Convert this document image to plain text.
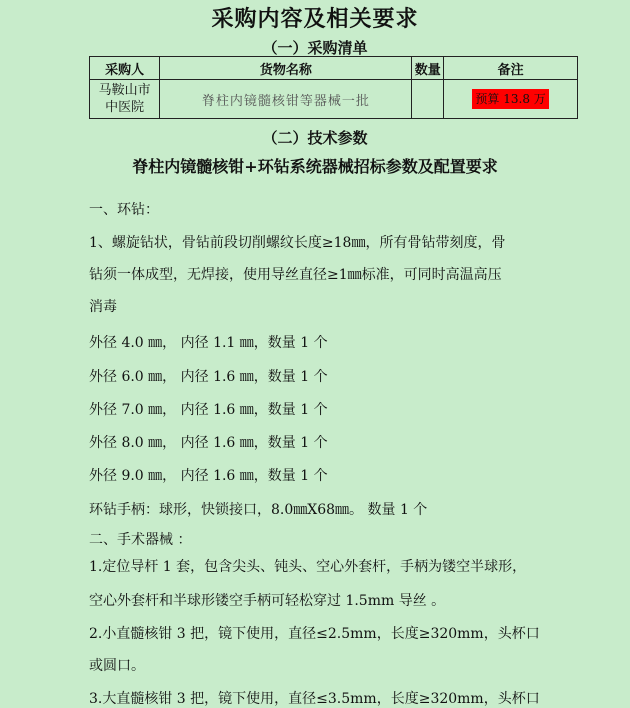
采购内容及相关要求
（一）采购清单
采购人	货物名称	数量	备注

马鞍山市
中医院	脊柱内镜髓核钳等器械一批		预算 13.8 万
（二）技术参数
脊柱内镜髓核钳+环钻系统器械招标参数及配置要求
一、环钻：
1、螺旋钻状，骨钻前段切削螺纹长度≥18㎜，所有骨钻带刻度，骨
钻须一体成型，无焊接，使用导丝直径≥1㎜标准，可同时高温高压
消毒
外径 4.0 ㎜， 内径 1.1 ㎜，数量 1 个
外径 6.0 ㎜， 内径 1.6 ㎜，数量 1 个
外径 7.0 ㎜， 内径 1.6 ㎜，数量 1 个
外径 8.0 ㎜， 内径 1.6 ㎜，数量 1 个
外径 9.0 ㎜， 内径 1.6 ㎜，数量 1 个
环钻手柄：球形，快锁接口，8.0㎜X68㎜。 数量 1 个
二、手术器械 ：
1.定位导杆 1 套，包含尖头、钝头、空心外套杆，手柄为镂空半球形，
空心外套杆和半球形镂空手柄可轻松穿过 1.5mm 导丝 。
2.小直髓核钳 3 把，镜下使用，直径≤2.5mm，长度≥320mm，头杯口
或圆口。
3.大直髓核钳 3 把，镜下使用，直径≤3.5mm，长度≥320mm，头杯口
